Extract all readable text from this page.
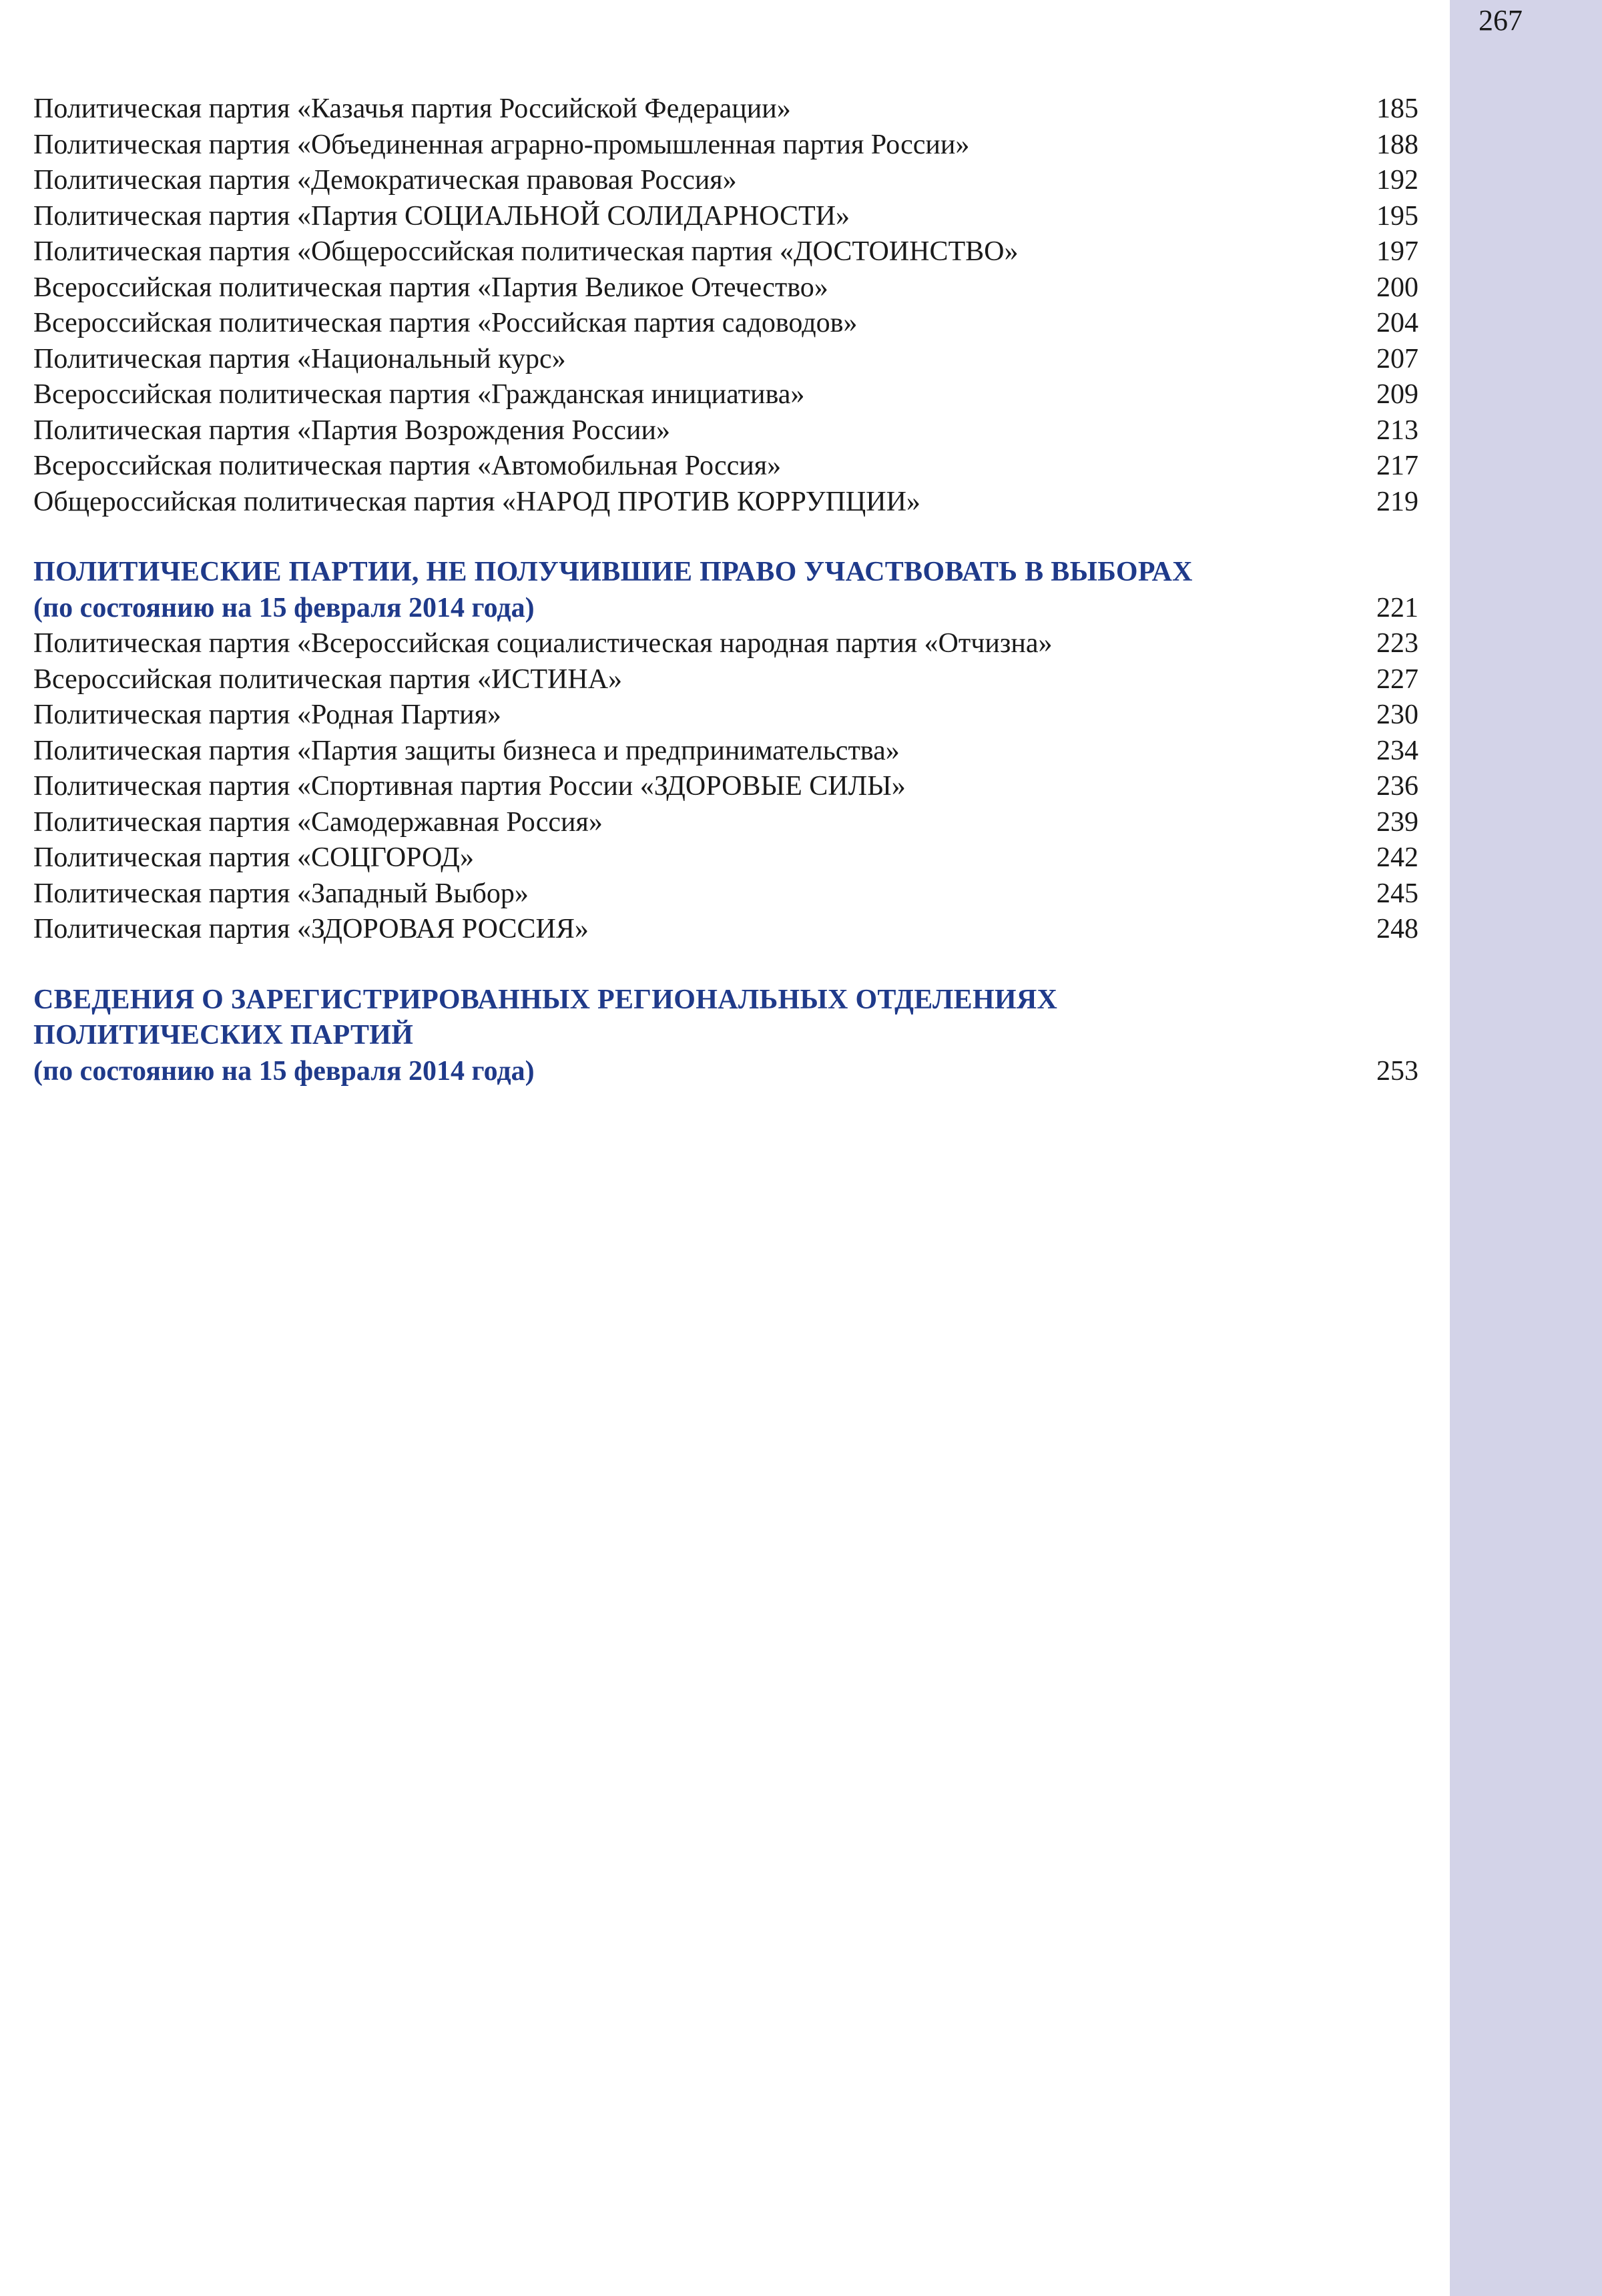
267
Политическая партия «Казачья партия Российской Федерации»	185
Политическая партия «Объединенная аграрно-промышленная партия России»	188
Политическая партия «Демократическая правовая Россия»	192
Политическая партия «Партия СОЦИАЛЬНОЙ СОЛИДАРНОСТИ»	195
Политическая партия «Общероссийская политическая партия «ДОСТОИНСТВО»	197
Всероссийская политическая партия «Партия Великое Отечество»	200
Всероссийская политическая партия «Российская партия садоводов»	204
Политическая партия «Национальный курс»	207
Всероссийская политическая партия «Гражданская инициатива»	209
Политическая партия «Партия Возрождения России»	213
Всероссийская политическая партия «Автомобильная Россия»	217
Общероссийская политическая партия «НАРОД ПРОТИВ КОРРУПЦИИ»	219
ПОЛИТИЧЕСКИЕ ПАРТИИ, НЕ ПОЛУЧИВШИЕ ПРАВО УЧАСТВОВАТЬ В ВЫБОРАХ
(по состоянию на 15 февраля 2014 года)	221
Политическая партия «Всероссийская социалистическая народная партия «Отчизна»	223
Всероссийская политическая партия «ИСТИНА»	227
Политическая партия «Родная Партия»	230
Политическая партия «Партия защиты бизнеса и предпринимательства»	234
Политическая партия «Спортивная партия России «ЗДОРОВЫЕ СИЛЫ»	236
Политическая партия «Самодержавная Россия»	239
Политическая партия «СОЦГОРОД»	242
Политическая партия «Западный Выбор»	245
Политическая партия «ЗДОРОВАЯ РОССИЯ»	248
СВЕДЕНИЯ О ЗАРЕГИСТРИРОВАННЫХ РЕГИОНАЛЬНЫХ ОТДЕЛЕНИЯХ
ПОЛИТИЧЕСКИХ ПАРТИЙ
(по состоянию на 15 февраля 2014 года)	253
